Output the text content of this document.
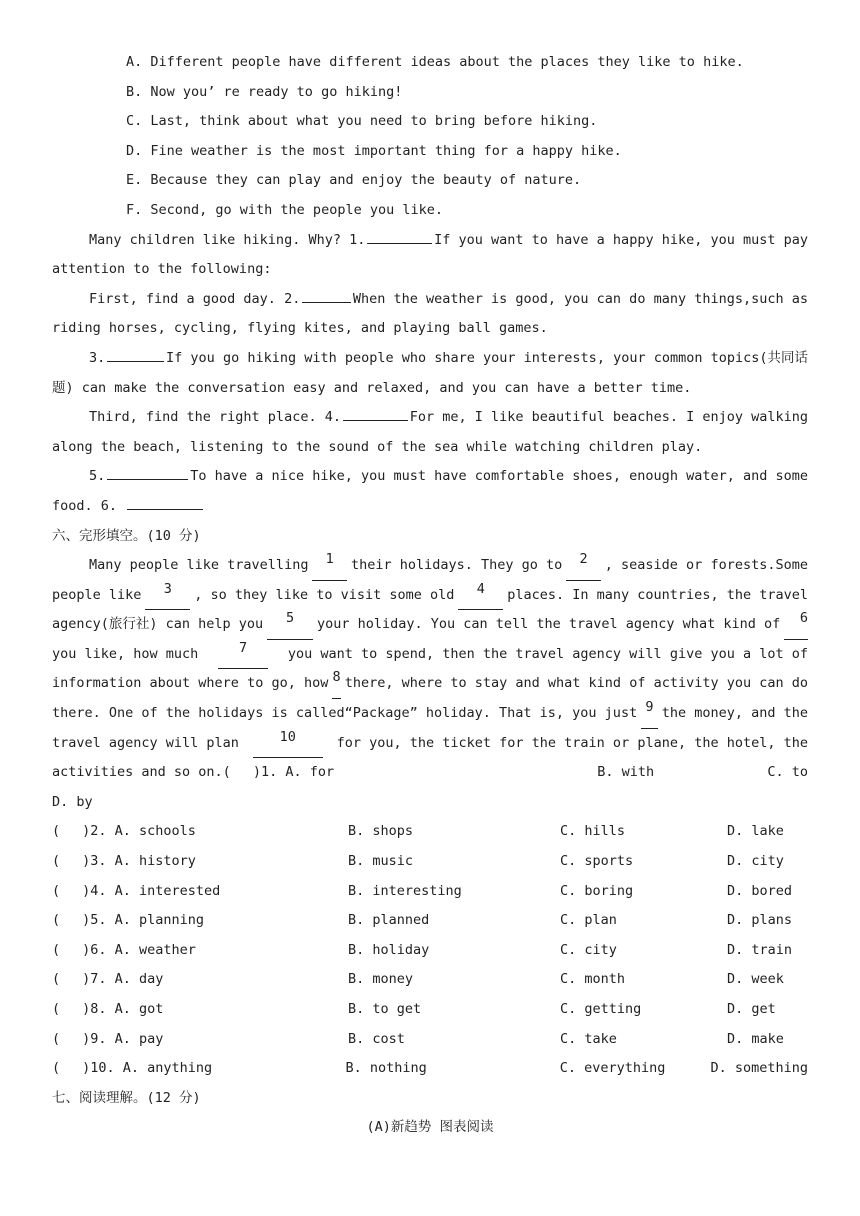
A. Different people have different ideas about the places they like to hike.
B. Now you’ re ready to go hiking!
C. Last, think about what you need to bring before hiking.
D. Fine weather is the most important thing for a happy hike.
E. Because they can play and enjoy the beauty of nature.
F. Second, go with the people you like.
Many children like hiking. Why? 1.	If you want to have a happy hike, you must pay
attention to the following:
First, find a good day. 2.	When the weather is good, you can do many things,such as
riding horses, cycling, flying kites, and playing ball games.
3.	If you go hiking with people who share your interests, your common topics(共同话
题) can make the conversation easy and relaxed, and you can have a better time.
Third, find the right place. 4.	For me, I like beautiful beaches. I enjoy walking
along the beach, listening to the sound of the sea while watching children play.
5.	To have a nice hike, you must have comfortable shoes, enough water, and some
food. 6.
六、完形填空。(10 分)
Many people like travelling	1	their holidays. They go to	2	, seaside or forests.Some
people like	3	, so they like to visit some old	4	places. In many countries, the travel
agency(旅行社) can help you	5	your holiday. You can tell the travel agency what kind of	6
you like, how much	7	you want to spend, then the travel agency will give you a lot of
information about where to go, how 8 there, where to stay and what kind of activity you can do
there. One of the holidays is called“Package” holiday. That is, you just 9 the money, and the
travel agency will plan	10	for you, the ticket for the train or plane, the hotel, the
activities and so on.( )1. A. for	B. with	C. to
D. by
( )2. A. schools	B. shops	C. hills	D. lake
( )3. A. history	B. music	C. sports	D. city
( )4. A. interested	B. interesting	C. boring	D. bored
( )5. A. planning	B. planned	C. plan	D. plans
( )6. A. weather	B. holiday	C. city	D. train
( )7. A. day	B. money	C. month	D. week
( )8. A. got	B. to get	C. getting	D. get
( )9. A. pay	B. cost	C. take	D. make
( )10. A. anything	B. nothing	C. everything	D. something
七、阅读理解。(12 分)
(A)新趋势 图表阅读
